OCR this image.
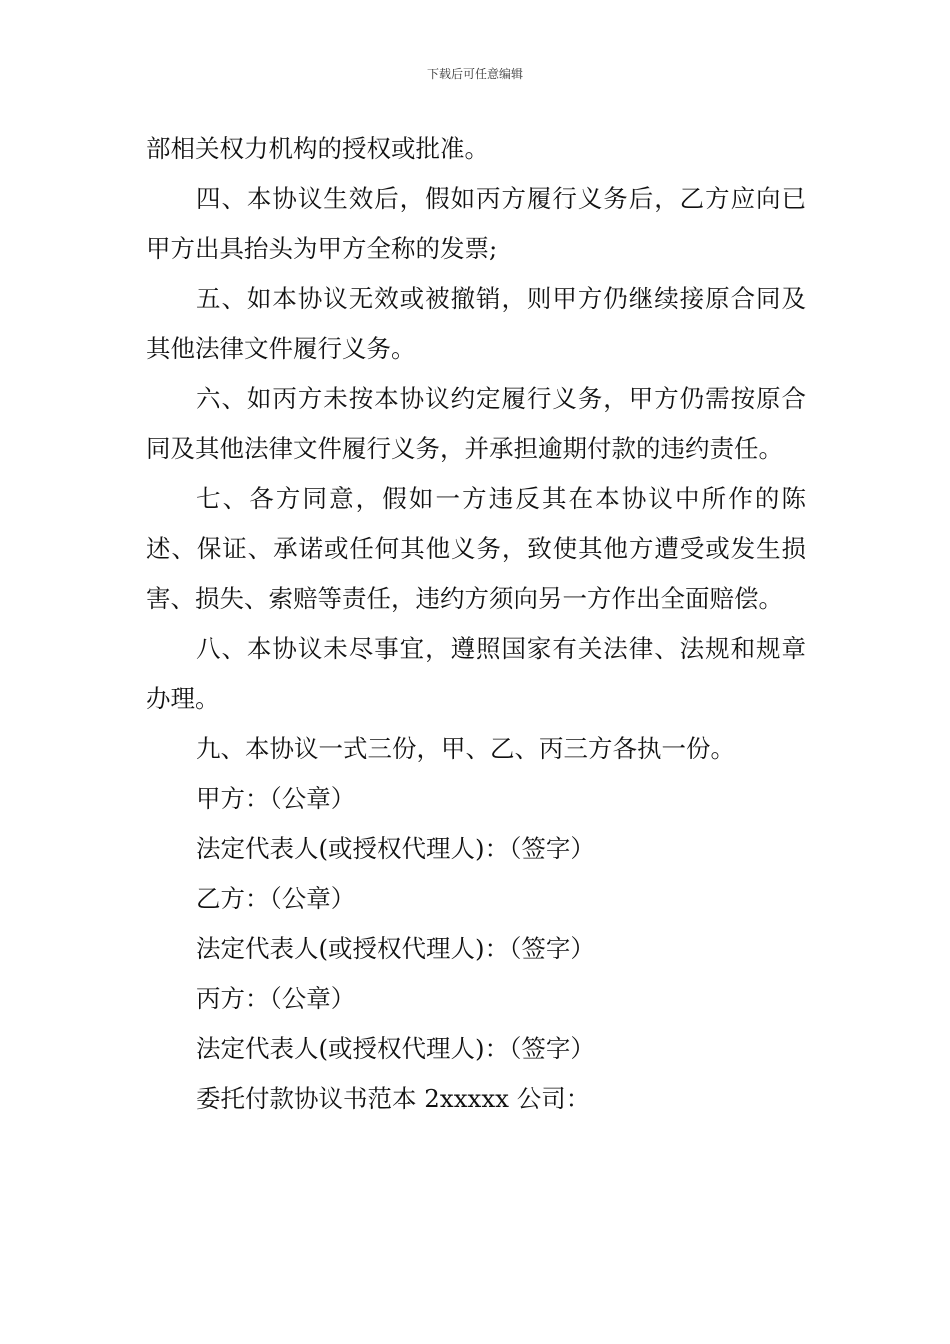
下载后可任意编辑

部相关权力机构的授权或批准。

四、本协议生效后，假如丙方履行义务后，乙方应向已甲方出具抬头为甲方全称的发票;

五、如本协议无效或被撤销，则甲方仍继续接原合同及其他法律文件履行义务。

六、如丙方未按本协议约定履行义务，甲方仍需按原合同及其他法律文件履行义务，并承担逾期付款的违约责任。

七、各方同意，假如一方违反其在本协议中所作的陈述、保证、承诺或任何其他义务，致使其他方遭受或发生损害、损失、索赔等责任，违约方须向另一方作出全面赔偿。

八、本协议未尽事宜，遵照国家有关法律、法规和规章办理。

九、本协议一式三份，甲、乙、丙三方各执一份。

甲方：（公章）

法定代表人(或授权代理人)：（签字）

乙方：（公章）

法定代表人(或授权代理人)：（签字）

丙方：（公章）

法定代表人(或授权代理人)：（签字）

委托付款协议书范本 2xxxxx 公司：
